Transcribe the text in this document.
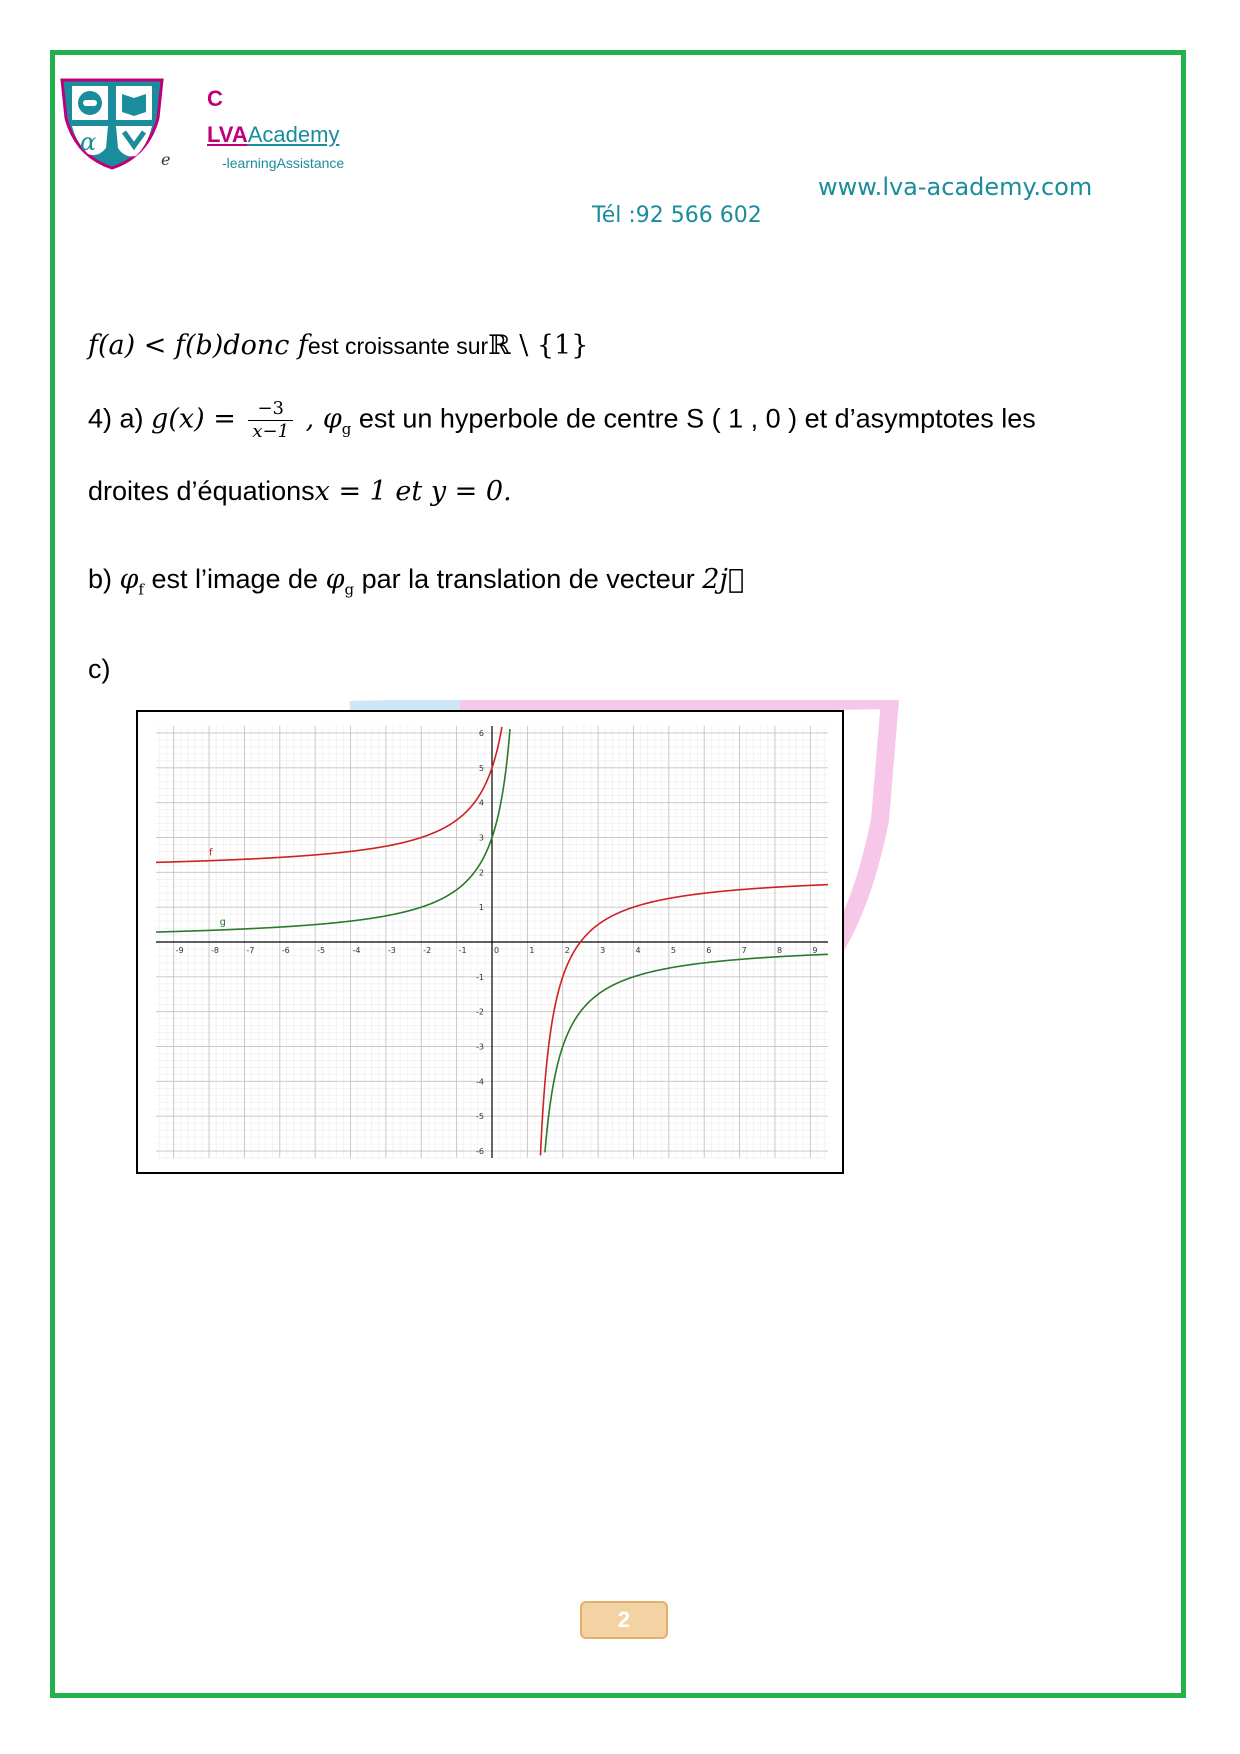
α
e
C
LVAAcademy
-learningAssistance
www.lva-academy.com
Tél :92 566 602
f(a) < f(b)donc fest croissante surℝ \ {1}
4) a) $g(x) = \frac{-3}{x-1}$ , $\varphi_g$ est un hyperbole de centre S ( 1 , 0 ) et d’asymptotes les
droites d’équationsx = 1 et y = 0.
b) $\varphi_f$ est l’image de $\varphi_g$ par la translation de vecteur 2j⃗
c)
-9	-8	-7	-6	-5	-4	-3	-2	-1	0	1	2	3	4	5	6	7	8	9
-6
-5
-4
-3
-2
-1
1
2
3
4
5
6
f
g
2
